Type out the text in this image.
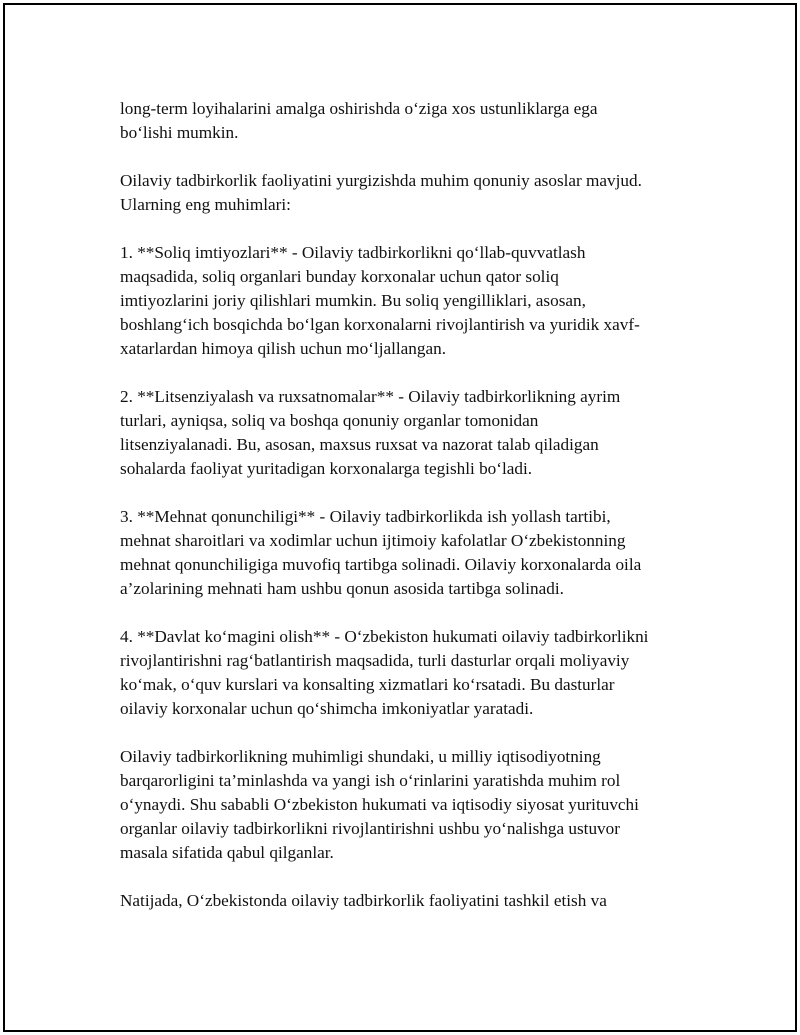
long-term loyihalarini amalga oshirishda o‘ziga xos ustunliklarga ega
bo‘lishi mumkin.

Oilaviy tadbirkorlik faoliyatini yurgizishda muhim qonuniy asoslar mavjud.
Ularning eng muhimlari:

1. **Soliq imtiyozlari** - Oilaviy tadbirkorlikni qo‘llab-quvvatlash
maqsadida, soliq organlari bunday korxonalar uchun qator soliq
imtiyozlarini joriy qilishlari mumkin. Bu soliq yengilliklari, asosan,
boshlang‘ich bosqichda bo‘lgan korxonalarni rivojlantirish va yuridik xavf-
xatarlardan himoya qilish uchun mo‘ljallangan.

2. **Litsenziyalash va ruxsatnomalar** - Oilaviy tadbirkorlikning ayrim
turlari, ayniqsa, soliq va boshqa qonuniy organlar tomonidan
litsenziyalanadi. Bu, asosan, maxsus ruxsat va nazorat talab qiladigan
sohalarda faoliyat yuritadigan korxonalarga tegishli bo‘ladi.

3. **Mehnat qonunchiligi** - Oilaviy tadbirkorlikda ish yollash tartibi,
mehnat sharoitlari va xodimlar uchun ijtimoiy kafolatlar O‘zbekistonning
mehnat qonunchiligiga muvofiq tartibga solinadi. Oilaviy korxonalarda oila
a’zolarining mehnati ham ushbu qonun asosida tartibga solinadi.

4. **Davlat ko‘magini olish** - O‘zbekiston hukumati oilaviy tadbirkorlikni
rivojlantirishni rag‘batlantirish maqsadida, turli dasturlar orqali moliyaviy
ko‘mak, o‘quv kurslari va konsalting xizmatlari ko‘rsatadi. Bu dasturlar
oilaviy korxonalar uchun qo‘shimcha imkoniyatlar yaratadi.

Oilaviy tadbirkorlikning muhimligi shundaki, u milliy iqtisodiyotning
barqarorligini ta’minlashda va yangi ish o‘rinlarini yaratishda muhim rol
o‘ynaydi. Shu sababli O‘zbekiston hukumati va iqtisodiy siyosat yurituvchi
organlar oilaviy tadbirkorlikni rivojlantirishni ushbu yo‘nalishga ustuvor
masala sifatida qabul qilganlar.

Natijada, O‘zbekistonda oilaviy tadbirkorlik faoliyatini tashkil etish va
